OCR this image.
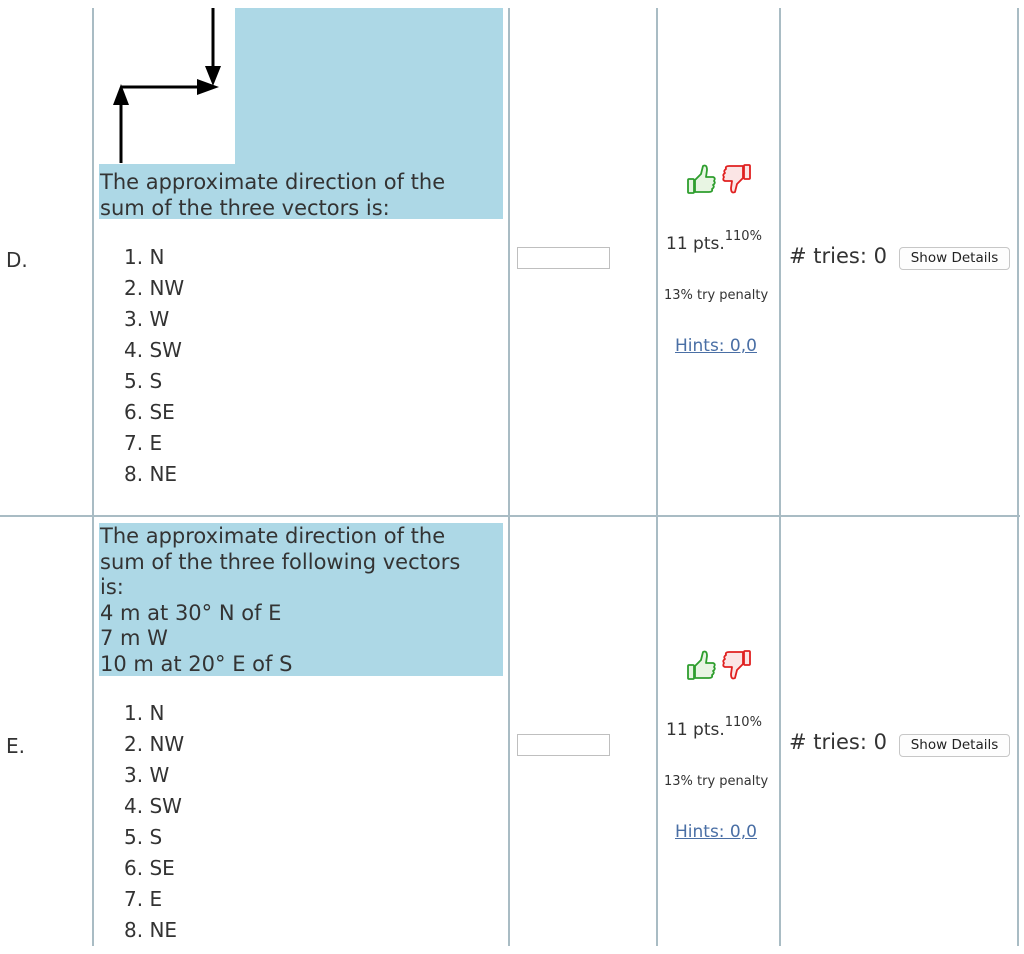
D.
The approximate direction of the
sum of the three vectors is:
1. N
2. NW
3. W
4. SW
5. S
6. SE
7. E
8. NE
11 pts.$^{110\%}$
13% try penalty
Hints: 0,0
# tries: 0	Show Details
E.
The approximate direction of the
sum of the three following vectors
is:
4 m at 30° N of E
7 m W
10 m at 20° E of S
1. N
2. NW
3. W
4. SW
5. S
6. SE
7. E
8. NE
11 pts.$^{110\%}$
13% try penalty
Hints: 0,0
# tries: 0	Show Details
